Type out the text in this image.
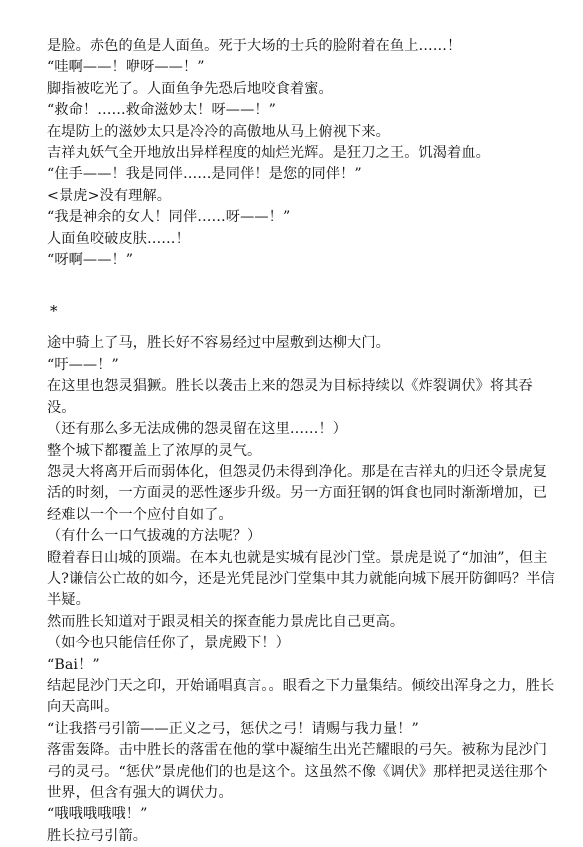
是脸。赤色的鱼是人面鱼。死于大场的士兵的脸附着在鱼上……！

“哇啊——！咿呀——！”

脚指被吃光了。人面鱼争先恐后地咬食着蜜。

“救命！……救命滋妙太！呀——！”

在堤防上的滋妙太只是冷冷的高傲地从马上俯视下来。

吉祥丸妖气全开地放出异样程度的灿烂光辉。是狂刀之王。饥渴着血。

“住手——！我是同伴……是同伴！是您的同伴！”

<景虎>没有理解。

“我是神余的女人！同伴……呀——！”

人面鱼咬破皮肤……！

“呀啊——！”

*

途中骑上了马，胜长好不容易经过中屋敷到达柳大门。

“吁——！”

在这里也怨灵猖獗。胜长以袭击上来的怨灵为目标持续以《炸裂调伏》将其吞没。

（还有那么多无法成佛的怨灵留在这里……！）

整个城下都覆盖上了浓厚的灵气。

怨灵大将离开后而弱体化，但怨灵仍未得到净化。那是在吉祥丸的归还令景虎复活的时刻，一方面灵的恶性逐步升级。另一方面狂钢的饵食也同时渐渐增加，已经难以一个一个应付自如了。

（有什么一口气拔魂的方法呢？）

瞪着春日山城的顶端。在本丸也就是实城有昆沙门堂。景虎是说了“加油”，但主人?谦信公亡故的如今，还是光凭昆沙门堂集中其力就能向城下展开防御吗？半信半疑。

然而胜长知道对于跟灵相关的探查能力景虎比自己更高。

（如今也只能信任你了，景虎殿下！）

“Bai！”

结起昆沙门天之印，开始诵唱真言。。眼看之下力量集结。倾绞出浑身之力，胜长向天高叫。

“让我搭弓引箭——正义之弓，惩伏之弓！请赐与我力量！”

落雷轰降。击中胜长的落雷在他的掌中凝缩生出光芒耀眼的弓矢。被称为昆沙门弓的灵弓。“惩伏”景虎他们的也是这个。这虽然不像《调伏》那样把灵送往那个世界，但含有强大的调伏力。

“哦哦哦哦哦！”

胜长拉弓引箭。
